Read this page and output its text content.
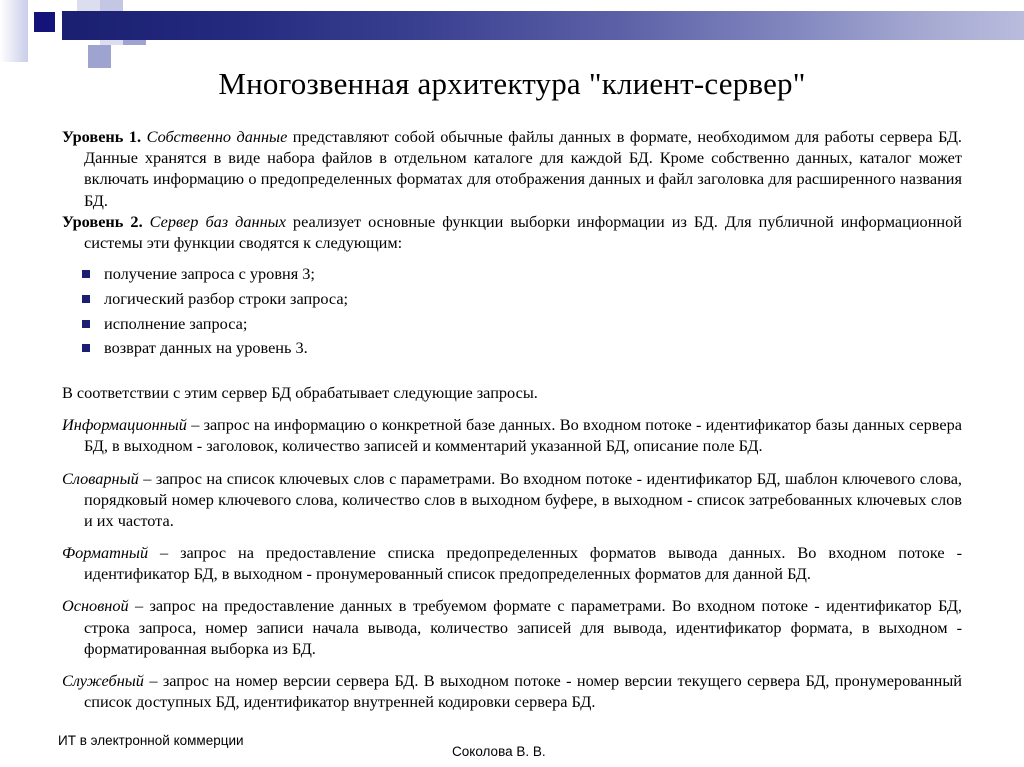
Многозвенная архитектура "клиент-сервер"

Уровень 1. Собственно данные представляют собой обычные файлы данных в формате, необходимом для работы сервера БД. Данные хранятся в виде набора файлов в отдельном каталоге для каждой БД. Кроме собственно данных, каталог может включать информацию о предопределенных форматах для отображения данных и файл заголовка для расширенного названия БД.

Уровень 2. Сервер баз данных реализует основные функции выборки информации из БД. Для публичной информационной системы эти функции сводятся к следующим:

получение запроса с уровня 3;
логический разбор строки запроса;
исполнение запроса;
возврат данных на уровень 3.

В соответствии с этим сервер БД обрабатывает следующие запросы.

Информационный – запрос на информацию о конкретной базе данных. Во входном потоке - идентификатор базы данных сервера БД, в выходном - заголовок, количество записей и комментарий указанной БД, описание поле БД.

Словарный – запрос на список ключевых слов с параметрами. Во входном потоке - идентификатор БД, шаблон ключевого слова, порядковый номер ключевого слова, количество слов в выходном буфере, в выходном - список затребованных ключевых слов и их частота.

Форматный – запрос на предоставление списка предопределенных форматов вывода данных. Во входном потоке - идентификатор БД, в выходном - пронумерованный список предопределенных форматов для данной БД.

Основной – запрос на предоставление данных в требуемом формате с параметрами. Во входном потоке - идентификатор БД, строка запроса, номер записи начала вывода, количество записей для вывода, идентификатор формата, в выходном - форматированная выборка из БД.

Служебный – запрос на номер версии сервера БД. В выходном потоке - номер версии текущего сервера БД, пронумерованный список доступных БД, идентификатор внутренней кодировки сервера БД.

ИТ в электронной коммерции
Соколова В. В.
